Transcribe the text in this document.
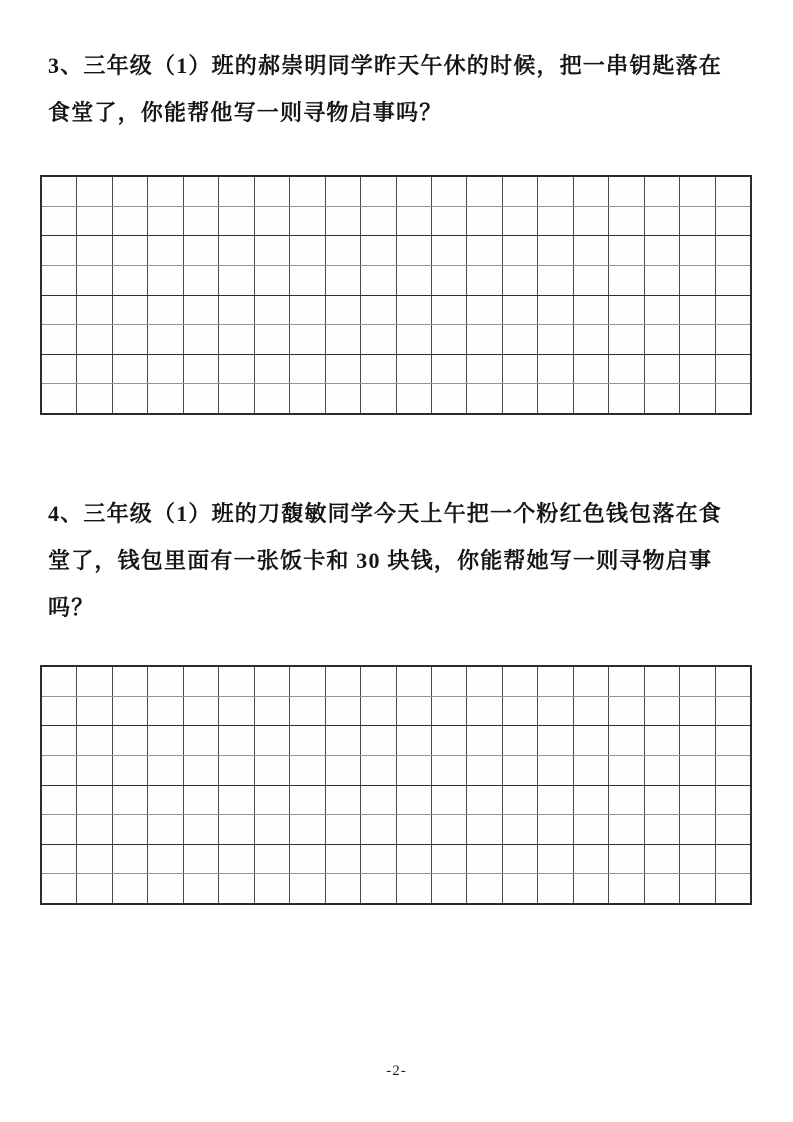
3、三年级（1）班的郝崇明同学昨天午休的时候，把一串钥匙落在
食堂了，你能帮他写一则寻物启事吗？
4、三年级（1）班的刀馥敏同学今天上午把一个粉红色钱包落在食
堂了，钱包里面有一张饭卡和 30 块钱，你能帮她写一则寻物启事
吗？
-2-
